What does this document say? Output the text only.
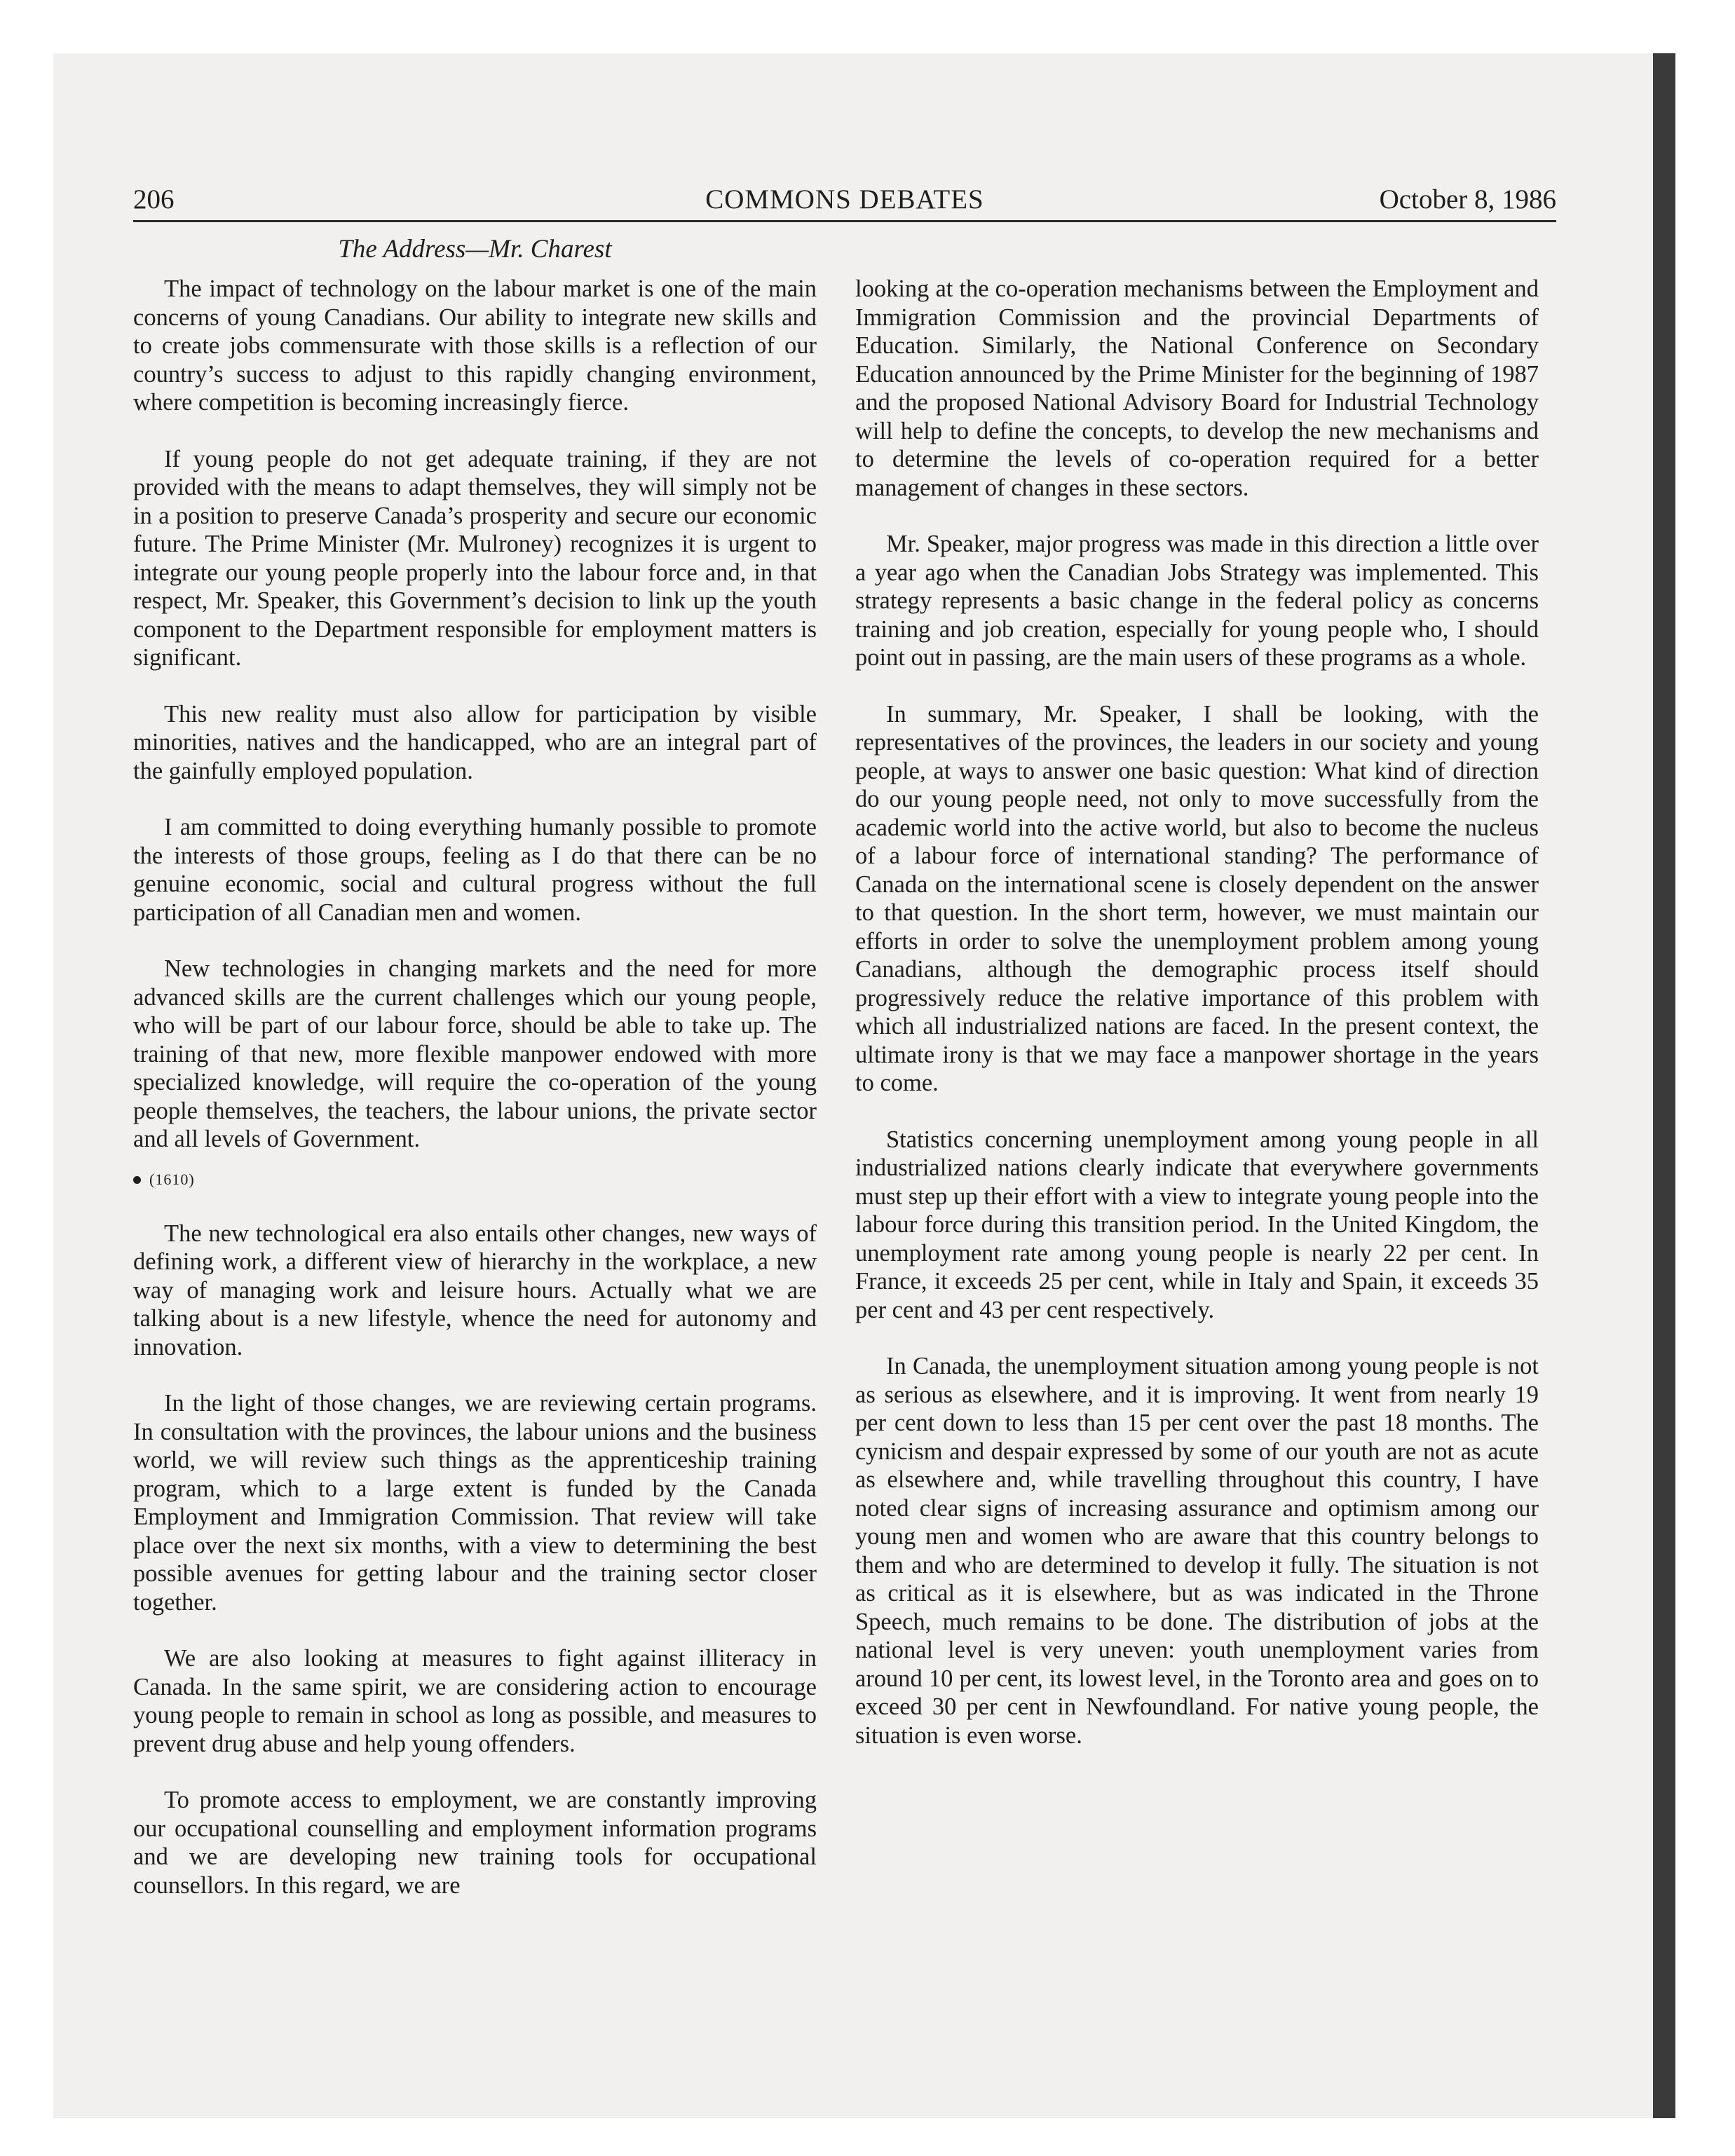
206	COMMONS DEBATES	October 8, 1986
The Address—Mr. Charest

The impact of technology on the labour market is one of the main concerns of young Canadians. Our ability to integrate new skills and to create jobs commensurate with those skills is a reflection of our country’s success to adjust to this rapidly changing environment, where competition is becoming increasingly fierce.

If young people do not get adequate training, if they are not provided with the means to adapt themselves, they will simply not be in a position to preserve Canada’s prosperity and secure our economic future. The Prime Minister (Mr. Mulroney) recognizes it is urgent to integrate our young people properly into the labour force and, in that respect, Mr. Speaker, this Government’s decision to link up the youth component to the Department responsible for employment matters is significant.

This new reality must also allow for participation by visible minorities, natives and the handicapped, who are an integral part of the gainfully employed population.

I am committed to doing everything humanly possible to promote the interests of those groups, feeling as I do that there can be no genuine economic, social and cultural progress without the full participation of all Canadian men and women.

New technologies in changing markets and the need for more advanced skills are the current challenges which our young people, who will be part of our labour force, should be able to take up. The training of that new, more flexible manpower endowed with more specialized knowledge, will require the co-operation of the young people themselves, the teachers, the labour unions, the private sector and all levels of Government.

(1610)

The new technological era also entails other changes, new ways of defining work, a different view of hierarchy in the workplace, a new way of managing work and leisure hours. Actually what we are talking about is a new lifestyle, whence the need for autonomy and innovation.

In the light of those changes, we are reviewing certain programs. In consultation with the provinces, the labour unions and the business world, we will review such things as the apprenticeship training program, which to a large extent is funded by the Canada Employment and Immigration Commission. That review will take place over the next six months, with a view to determining the best possible avenues for getting labour and the training sector closer together.

We are also looking at measures to fight against illiteracy in Canada. In the same spirit, we are considering action to encourage young people to remain in school as long as possible, and measures to prevent drug abuse and help young offenders.

To promote access to employment, we are constantly improving our occupational counselling and employment information programs and we are developing new training tools for occupational counsellors. In this regard, we are

looking at the co-operation mechanisms between the Employment and Immigration Commission and the provincial Departments of Education. Similarly, the National Conference on Secondary Education announced by the Prime Minister for the beginning of 1987 and the proposed National Advisory Board for Industrial Technology will help to define the concepts, to develop the new mechanisms and to determine the levels of co-operation required for a better management of changes in these sectors.

Mr. Speaker, major progress was made in this direction a little over a year ago when the Canadian Jobs Strategy was implemented. This strategy represents a basic change in the federal policy as concerns training and job creation, especially for young people who, I should point out in passing, are the main users of these programs as a whole.

In summary, Mr. Speaker, I shall be looking, with the representatives of the provinces, the leaders in our society and young people, at ways to answer one basic question: What kind of direction do our young people need, not only to move successfully from the academic world into the active world, but also to become the nucleus of a labour force of international standing? The performance of Canada on the international scene is closely dependent on the answer to that question. In the short term, however, we must maintain our efforts in order to solve the unemployment problem among young Canadians, although the demographic process itself should progressively reduce the relative importance of this problem with which all industrialized nations are faced. In the present context, the ultimate irony is that we may face a manpower shortage in the years to come.

Statistics concerning unemployment among young people in all industrialized nations clearly indicate that everywhere governments must step up their effort with a view to integrate young people into the labour force during this transition period. In the United Kingdom, the unemployment rate among young people is nearly 22 per cent. In France, it exceeds 25 per cent, while in Italy and Spain, it exceeds 35 per cent and 43 per cent respectively.

In Canada, the unemployment situation among young people is not as serious as elsewhere, and it is improving. It went from nearly 19 per cent down to less than 15 per cent over the past 18 months. The cynicism and despair expressed by some of our youth are not as acute as elsewhere and, while travelling throughout this country, I have noted clear signs of increasing assurance and optimism among our young men and women who are aware that this country belongs to them and who are determined to develop it fully. The situation is not as critical as it is elsewhere, but as was indicated in the Throne Speech, much remains to be done. The distribution of jobs at the national level is very uneven: youth unemployment varies from around 10 per cent, its lowest level, in the Toronto area and goes on to exceed 30 per cent in Newfoundland. For native young people, the situation is even worse.
